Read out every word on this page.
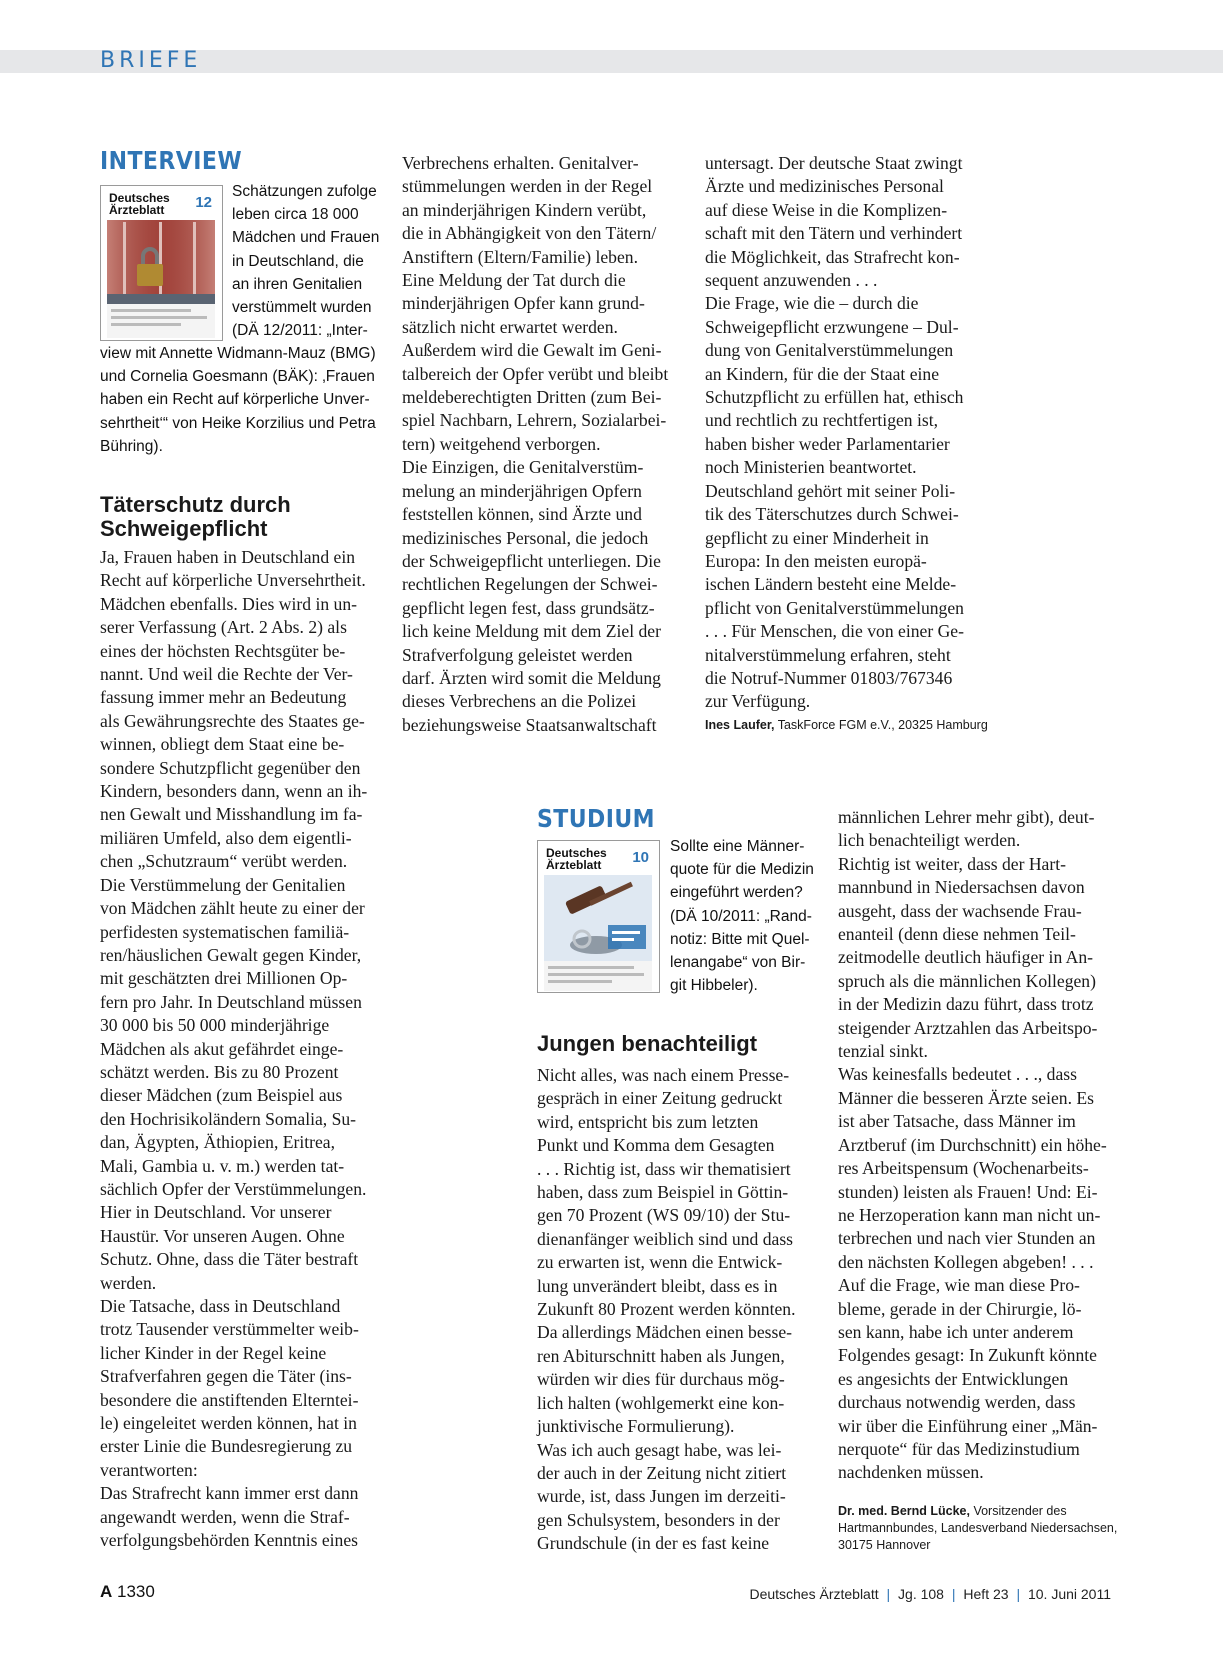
BRIEFE
INTERVIEW
Deutsches
Ärzteblatt	12
Schätzungen zufolge
leben circa 18 000
Mädchen und Frauen
in Deutschland, die
an ihren Genitalien
verstümmelt wurden
(DÄ 12/2011: „Inter-
view mit Annette Widmann-Mauz (BMG)
und Cornelia Goesmann (BÄK): ‚Frauen
haben ein Recht auf körperliche Unver-
sehrtheit‘“ von Heike Korzilius und Petra
Bühring).
Täterschutz durch
Schweigepflicht
Ja, Frauen haben in Deutschland ein
Recht auf körperliche Unversehrtheit.
Mädchen ebenfalls. Dies wird in un-
serer Verfassung (Art. 2 Abs. 2) als
eines der höchsten Rechtsgüter be-
nannt. Und weil die Rechte der Ver-
fassung immer mehr an Bedeutung
als Gewährungsrechte des Staates ge-
winnen, obliegt dem Staat eine be-
sondere Schutzpflicht gegenüber den
Kindern, besonders dann, wenn an ih-
nen Gewalt und Misshandlung im fa-
miliären Umfeld, also dem eigentli-
chen „Schutzraum“ verübt werden.
Die Verstümmelung der Genitalien
von Mädchen zählt heute zu einer der
perfidesten systematischen familiä-
ren/häuslichen Gewalt gegen Kinder,
mit geschätzten drei Millionen Op-
fern pro Jahr. In Deutschland müssen
30 000 bis 50 000 minderjährige
Mädchen als akut gefährdet einge-
schätzt werden. Bis zu 80 Prozent
dieser Mädchen (zum Beispiel aus
den Hochrisikoländern Somalia, Su-
dan, Ägypten, Äthiopien, Eritrea,
Mali, Gambia u. v. m.) werden tat-
sächlich Opfer der Verstümmelungen.
Hier in Deutschland. Vor unserer
Haustür. Vor unseren Augen. Ohne
Schutz. Ohne, dass die Täter bestraft
werden.
Die Tatsache, dass in Deutschland
trotz Tausender verstümmelter weib-
licher Kinder in der Regel keine
Strafverfahren gegen die Täter (ins-
besondere die anstiftenden Elterntei-
le) eingeleitet werden können, hat in
erster Linie die Bundesregierung zu
verantworten:
Das Strafrecht kann immer erst dann
angewandt werden, wenn die Straf-
verfolgungsbehörden Kenntnis eines
Verbrechens erhalten. Genitalver-
stümmelungen werden in der Regel
an minderjährigen Kindern verübt,
die in Abhängigkeit von den Tätern/
Anstiftern (Eltern/Familie) leben.
Eine Meldung der Tat durch die
minderjährigen Opfer kann grund-
sätzlich nicht erwartet werden.
Außerdem wird die Gewalt im Geni-
talbereich der Opfer verübt und bleibt
meldeberechtigten Dritten (zum Bei-
spiel Nachbarn, Lehrern, Sozialarbei-
tern) weitgehend verborgen.
Die Einzigen, die Genitalverstüm-
melung an minderjährigen Opfern
feststellen können, sind Ärzte und
medizinisches Personal, die jedoch
der Schweigepflicht unterliegen. Die
rechtlichen Regelungen der Schwei-
gepflicht legen fest, dass grundsätz-
lich keine Meldung mit dem Ziel der
Strafverfolgung geleistet werden
darf. Ärzten wird somit die Meldung
dieses Verbrechens an die Polizei
beziehungsweise Staatsanwaltschaft
untersagt. Der deutsche Staat zwingt
Ärzte und medizinisches Personal
auf diese Weise in die Komplizen-
schaft mit den Tätern und verhindert
die Möglichkeit, das Strafrecht kon-
sequent anzuwenden . . .
Die Frage, wie die – durch die
Schweigepflicht erzwungene – Dul-
dung von Genitalverstümmelungen
an Kindern, für die der Staat eine
Schutzpflicht zu erfüllen hat, ethisch
und rechtlich zu rechtfertigen ist,
haben bisher weder Parlamentarier
noch Ministerien beantwortet.
Deutschland gehört mit seiner Poli-
tik des Täterschutzes durch Schwei-
gepflicht zu einer Minderheit in
Europa: In den meisten europä-
ischen Ländern besteht eine Melde-
pflicht von Genitalverstümmelungen
. . . Für Menschen, die von einer Ge-
nitalverstümmelung erfahren, steht
die Notruf-Nummer 01803/767346
zur Verfügung.
Ines Laufer, TaskForce FGM e.V., 20325 Hamburg
STUDIUM
Deutsches
Ärzteblatt	10
Sollte eine Männer-
quote für die Medizin
eingeführt werden?
(DÄ 10/2011: „Rand-
notiz: Bitte mit Quel-
lenangabe“ von Bir-
git Hibbeler).
Jungen benachteiligt
Nicht alles, was nach einem Presse-
gespräch in einer Zeitung gedruckt
wird, entspricht bis zum letzten
Punkt und Komma dem Gesagten
. . . Richtig ist, dass wir thematisiert
haben, dass zum Beispiel in Göttin-
gen 70 Prozent (WS 09/10) der Stu-
dienanfänger weiblich sind und dass
zu erwarten ist, wenn die Entwick-
lung unverändert bleibt, dass es in
Zukunft 80 Prozent werden könnten.
Da allerdings Mädchen einen besse-
ren Abiturschnitt haben als Jungen,
würden wir dies für durchaus mög-
lich halten (wohlgemerkt eine kon-
junktivische Formulierung).
Was ich auch gesagt habe, was lei-
der auch in der Zeitung nicht zitiert
wurde, ist, dass Jungen im derzeiti-
gen Schulsystem, besonders in der
Grundschule (in der es fast keine
männlichen Lehrer mehr gibt), deut-
lich benachteiligt werden.
Richtig ist weiter, dass der Hart-
mannbund in Niedersachsen davon
ausgeht, dass der wachsende Frau-
enanteil (denn diese nehmen Teil-
zeitmodelle deutlich häufiger in An-
spruch als die männlichen Kollegen)
in der Medizin dazu führt, dass trotz
steigender Arztzahlen das Arbeitspo-
tenzial sinkt.
Was keinesfalls bedeutet . . ., dass
Männer die besseren Ärzte seien. Es
ist aber Tatsache, dass Männer im
Arztberuf (im Durchschnitt) ein höhe-
res Arbeitspensum (Wochenarbeits-
stunden) leisten als Frauen! Und: Ei-
ne Herzoperation kann man nicht un-
terbrechen und nach vier Stunden an
den nächsten Kollegen abgeben! . . .
Auf die Frage, wie man diese Pro-
bleme, gerade in der Chirurgie, lö-
sen kann, habe ich unter anderem
Folgendes gesagt: In Zukunft könnte
es angesichts der Entwicklungen
durchaus notwendig werden, dass
wir über die Einführung einer „Män-
nerquote“ für das Medizinstudium
nachdenken müssen.
Dr. med. Bernd Lücke, Vorsitzender des
Hartmannbundes, Landesverband Niedersachsen,
30175 Hannover
A 1330	Deutsches Ärzteblatt | Jg. 108 | Heft 23 | 10. Juni 2011
